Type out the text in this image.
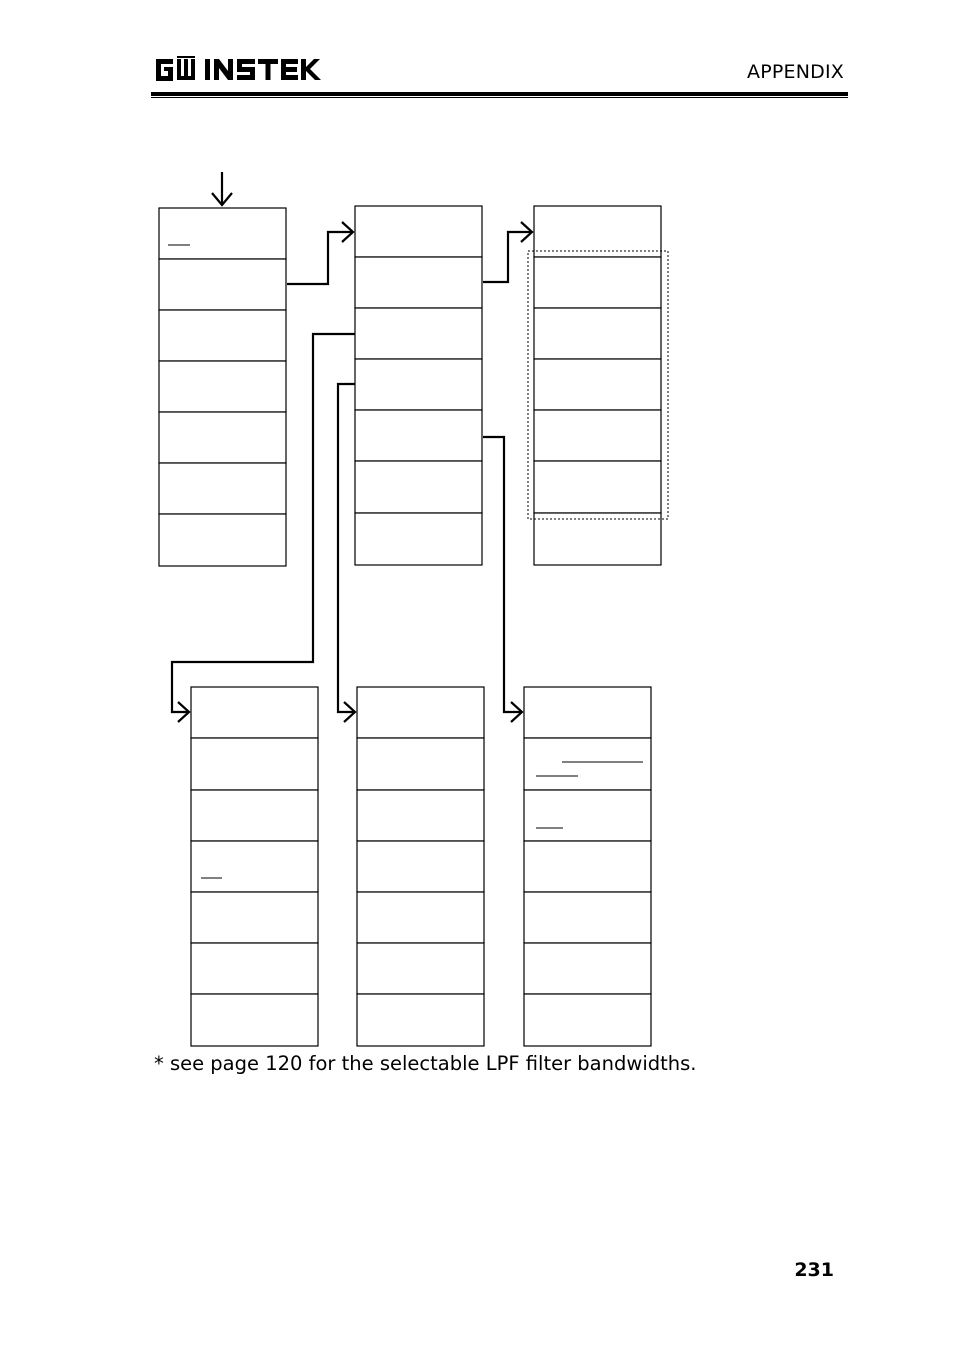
APPENDIX
* see page 120 for the selectable LPF filter bandwidths.
231
